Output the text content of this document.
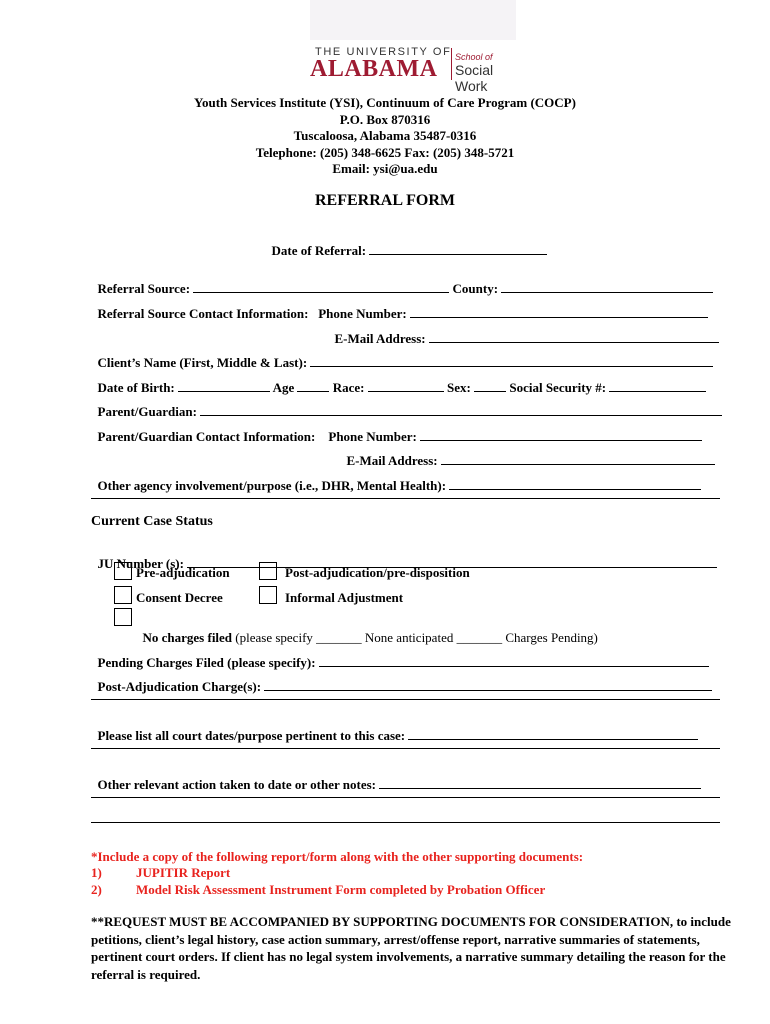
THE UNIVERSITY OF
ALABAMA School of
Social Work
Youth Services Institute (YSI), Continuum of Care Program (COCP)
P.O. Box 870316
Tuscaloosa, Alabama 35487-0316
Telephone: (205) 348-6625 Fax: (205) 348-5721
Email: ysi@ua.edu
REFERRAL FORM

Date of Referral:

Referral Source:	County:

Referral Source Contact Information: Phone Number:

E-Mail Address:

Client’s Name (First, Middle & Last):

Date of Birth:	Age	Race:	Sex:	Social Security #:

Parent/Guardian:

Parent/Guardian Contact Information: Phone Number:

E-Mail Address:

Other agency involvement/purpose (i.e., DHR, Mental Health):

Current Case Status

JU Number (s):

Pre-adjudication	Post-adjudication/pre-disposition
Consent Decree	Informal Adjustment

No charges filed (please specify _______ None anticipated _______ Charges Pending)

Pending Charges Filed (please specify):

Post-Adjudication Charge(s):

Please list all court dates/purpose pertinent to this case:

Other relevant action taken to date or other notes:

*Include a copy of the following report/form along with the other supporting documents:
1)	JUPITIR Report
2)	Model Risk Assessment Instrument Form completed by Probation Officer
**REQUEST MUST BE ACCOMPANIED BY SUPPORTING DOCUMENTS FOR CONSIDERATION, to include petitions, client’s legal history, case action summary, arrest/offense report, narrative summaries of statements, pertinent court orders. If client has no legal system involvements, a narrative summary detailing the reason for the referral is required.
